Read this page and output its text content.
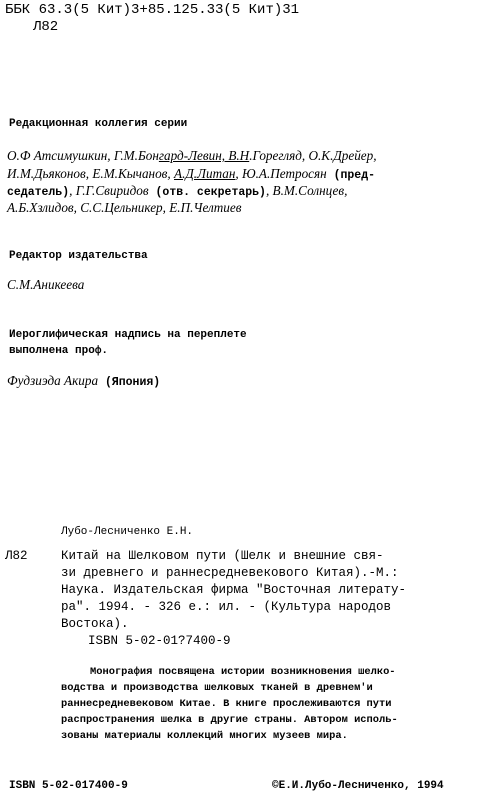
ББК 63.3(5 Кит)3+85.125.33(5 Кит)31
Л82
Редакционная коллегия серии
О.Ф Атсимушкин, Г.М.Бонгард-Левин, В.Н.Горегляд, О.К.Дрейер,
И.М.Дьяконов, Е.М.Кычанов, А.Д.Литан, Ю.А.Петросян (пред-
седатель), Г.Г.Свиридов (отв. секретарь), В.М.Солнцев,
А.Б.Хзлидов, С.С.Цельникер, Е.П.Челтиев
Редактор издательства
С.М.Аникеева
Иероглифическая надпись на переплете
выполнена проф.
Фудзиэда Акира (Япония)
Лубо-Лесниченко Е.Н.
Л82	Китай на Шелковом пути (Шелк и внешние свя-
зи древнего и раннесредневекового Китая).-М.:
Наука. Издательская фирма "Восточная литерату-
ра". 1994. - 326 е.: ил. - (Культура народов
Востока).
ISBN 5-02-01?7400-9
Монография посвящена истории возникновения шелко-
водства и производства шелковых тканей в древнем'и
раннесредневековом Китае. В книге прослеживаются пути
распространения шелка в другие страны. Автором исполь-
зованы материалы коллекций многих музеев мира.
ISBN 5-02-017400-9	©Е.И.Лубо-Лесниченко, 1994
